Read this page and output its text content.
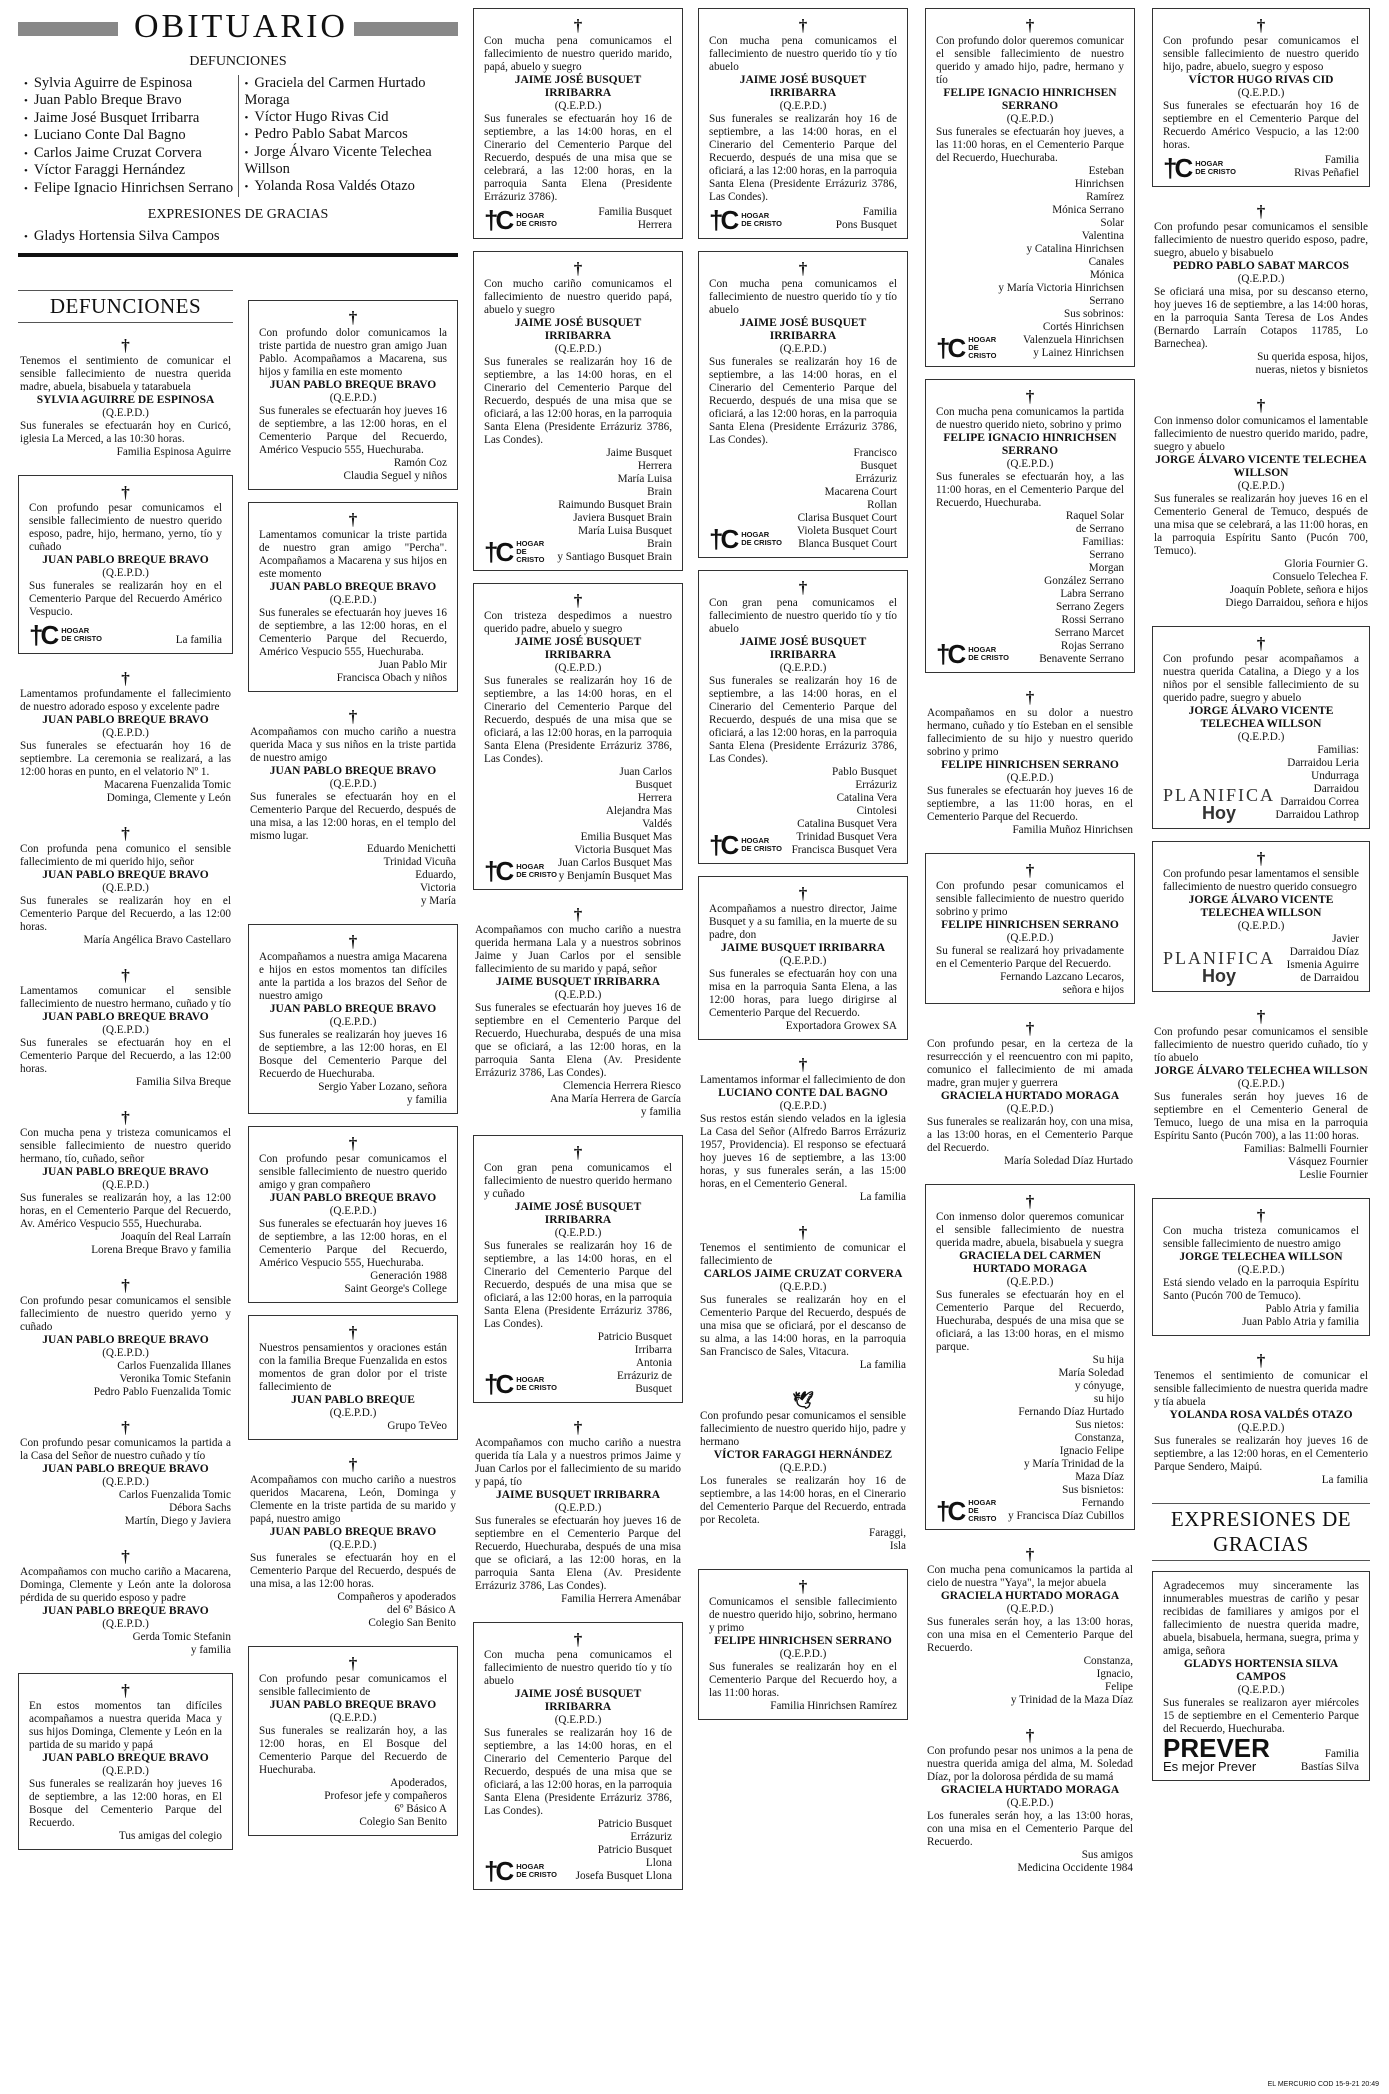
OBITUARIO
DEFUNCIONES
• Sylvia Aguirre de Espinosa
• Juan Pablo Breque Bravo
• Jaime José Busquet Irribarra
• Luciano Conte Dal Bagno
• Carlos Jaime Cruzat Corvera
• Víctor Faraggi Hernández
• Felipe Ignacio Hinrichsen Serrano
• Graciela del Carmen Hurtado Moraga
• Víctor Hugo Rivas Cid
• Pedro Pablo Sabat Marcos
• Jorge Álvaro Vicente Telechea Willson
• Yolanda Rosa Valdés Otazo
EXPRESIONES DE GRACIAS
• Gladys Hortensia Silva Campos
DEFUNCIONES
†
Tenemos el sentimiento de comunicar el sensible fallecimiento de nuestra querida madre, abuela, bisabuela y tatarabuela
SYLVIA AGUIRRE DE ESPINOSA
(Q.E.P.D.)
Sus funerales se efectuarán hoy en Curicó, iglesia La Merced, a las 10:30 horas.
Familia Espinosa Aguirre
†
Con profundo pesar comunicamos el sensible fallecimiento de nuestro querido esposo, padre, hijo, hermano, yerno, tío y cuñado
JUAN PABLO BREQUE BRAVO
(Q.E.P.D.)
Sus funerales se realizarán hoy en el Cementerio Parque del Recuerdo Américo Vespucio.
†C HOGAR
DE CRISTO	La familia
†
Lamentamos profundamente el fallecimiento de nuestro adorado esposo y excelente padre
JUAN PABLO BREQUE BRAVO
(Q.E.P.D.)
Sus funerales se efectuarán hoy 16 de septiembre. La ceremonia se realizará, a las 12:00 horas en punto, en el velatorio Nº 1.
Macarena Fuenzalida Tomic
Dominga, Clemente y León
†
Con profunda pena comunico el sensible fallecimiento de mi querido hijo, señor
JUAN PABLO BREQUE BRAVO
(Q.E.P.D.)
Sus funerales se realizarán hoy en el Cementerio Parque del Recuerdo, a las 12:00 horas.
María Angélica Bravo Castellaro
†
Lamentamos comunicar el sensible fallecimiento de nuestro hermano, cuñado y tío
JUAN PABLO BREQUE BRAVO
(Q.E.P.D.)
Sus funerales se efectuarán hoy en el Cementerio Parque del Recuerdo, a las 12:00 horas.
Familia Silva Breque
†
Con mucha pena y tristeza comunicamos el sensible fallecimiento de nuestro querido hermano, tío, cuñado, señor
JUAN PABLO BREQUE BRAVO
(Q.E.P.D.)
Sus funerales se realizarán hoy, a las 12:00 horas, en el Cementerio Parque del Recuerdo, Av. Américo Vespucio 555, Huechuraba.
Joaquín del Real Larraín
Lorena Breque Bravo y familia
†
Con profundo pesar comunicamos el sensible fallecimiento de nuestro querido yerno y cuñado
JUAN PABLO BREQUE BRAVO
(Q.E.P.D.)
Carlos Fuenzalida Illanes
Veronika Tomic Stefanin
Pedro Pablo Fuenzalida Tomic
†
Con profundo pesar comunicamos la partida a la Casa del Señor de nuestro cuñado y tío
JUAN PABLO BREQUE BRAVO
(Q.E.P.D.)
Carlos Fuenzalida Tomic
Débora Sachs
Martín, Diego y Javiera
†
Acompañamos con mucho cariño a Macarena, Dominga, Clemente y León ante la dolorosa pérdida de su querido esposo y padre
JUAN PABLO BREQUE BRAVO
(Q.E.P.D.)
Gerda Tomic Stefanin
y familia
†
En estos momentos tan difíciles acompañamos a nuestra querida Maca y sus hijos Dominga, Clemente y León en la partida de su marido y papá
JUAN PABLO BREQUE BRAVO
(Q.E.P.D.)
Sus funerales se realizarán hoy jueves 16 de septiembre, a las 12:00 horas, en El Bosque del Cementerio Parque del Recuerdo.
Tus amigas del colegio
†
Con profundo dolor comunicamos la triste partida de nuestro gran amigo Juan Pablo. Acompañamos a Macarena, sus hijos y familia en este momento
JUAN PABLO BREQUE BRAVO
(Q.E.P.D.)
Sus funerales se efectuarán hoy jueves 16 de septiembre, a las 12:00 horas, en el Cementerio Parque del Recuerdo, Américo Vespucio 555, Huechuraba.
Ramón Coz
Claudia Seguel y niños
†
Lamentamos comunicar la triste partida de nuestro gran amigo "Percha". Acompañamos a Macarena y sus hijos en este momento
JUAN PABLO BREQUE BRAVO
(Q.E.P.D.)
Sus funerales se efectuarán hoy jueves 16 de septiembre, a las 12:00 horas, en el Cementerio Parque del Recuerdo, Américo Vespucio 555, Huechuraba.
Juan Pablo Mir
Francisca Obach y niños
†
Acompañamos con mucho cariño a nuestra querida Maca y sus niños en la triste partida de nuestro amigo
JUAN PABLO BREQUE BRAVO
(Q.E.P.D.)
Sus funerales se efectuarán hoy en el Cementerio Parque del Recuerdo, después de una misa, a las 12:00 horas, en el templo del mismo lugar.
Eduardo Menichetti
Trinidad Vicuña
Eduardo,
Victoria
y María
†
Acompañamos a nuestra amiga Macarena e hijos en estos momentos tan difíciles ante la partida a los brazos del Señor de nuestro amigo
JUAN PABLO BREQUE BRAVO
(Q.E.P.D.)
Sus funerales se realizarán hoy jueves 16 de septiembre, a las 12:00 horas, en El Bosque del Cementerio Parque del Recuerdo de Huechuraba.
Sergio Yaber Lozano, señora
y familia
†
Con profundo pesar comunicamos el sensible fallecimiento de nuestro querido amigo y gran compañero
JUAN PABLO BREQUE BRAVO
(Q.E.P.D.)
Sus funerales se efectuarán hoy jueves 16 de septiembre, a las 12:00 horas, en el Cementerio Parque del Recuerdo, Américo Vespucio 555, Huechuraba.
Generación 1988
Saint George's College
†
Nuestros pensamientos y oraciones están con la familia Breque Fuenzalida en estos momentos de gran dolor por el triste fallecimiento de
JUAN PABLO BREQUE
(Q.E.P.D.)
Grupo TeVeo
†
Acompañamos con mucho cariño a nuestros queridos Macarena, León, Dominga y Clemente en la triste partida de su marido y papá, nuestro amigo
JUAN PABLO BREQUE BRAVO
(Q.E.P.D.)
Sus funerales se efectuarán hoy en el Cementerio Parque del Recuerdo, después de una misa, a las 12:00 horas.
Compañeros y apoderados
del 6º Básico A
Colegio San Benito
†
Con profundo pesar comunicamos el sensible fallecimiento de
JUAN PABLO BREQUE BRAVO
(Q.E.P.D.)
Sus funerales se realizarán hoy, a las 12:00 horas, en El Bosque del Cementerio Parque del Recuerdo de Huechuraba.
Apoderados,
Profesor jefe y compañeros
6º Básico A
Colegio San Benito
†
Con mucha pena comunicamos el fallecimiento de nuestro querido marido, papá, abuelo y suegro
JAIME JOSÉ BUSQUET IRRIBARRA
(Q.E.P.D.)
Sus funerales se efectuarán hoy 16 de septiembre, a las 14:00 horas, en el Cinerario del Cementerio Parque del Recuerdo, después de una misa que se celebrará, a las 12:00 horas, en la parroquia Santa Elena (Presidente Errázuriz 3786).
†C HOGAR
DE CRISTO
Familia Busquet
Herrera
†
Con mucho cariño comunicamos el fallecimiento de nuestro querido papá, abuelo y suegro
JAIME JOSÉ BUSQUET IRRIBARRA
(Q.E.P.D.)
Sus funerales se realizarán hoy 16 de septiembre, a las 14:00 horas, en el Cinerario del Cementerio Parque del Recuerdo, después de una misa que se oficiará, a las 12:00 horas, en la parroquia Santa Elena (Presidente Errázuriz 3786, Las Condes).
†C HOGAR
DE CRISTO
Jaime Busquet
Herrera
María Luisa
Brain
Raimundo Busquet Brain
Javiera Busquet Brain
María Luisa Busquet Brain
y Santiago Busquet Brain
†
Con tristeza despedimos a nuestro querido padre, abuelo y suegro
JAIME JOSÉ BUSQUET IRRIBARRA
(Q.E.P.D.)
Sus funerales se realizarán hoy 16 de septiembre, a las 14:00 horas, en el Cinerario del Cementerio Parque del Recuerdo, después de una misa que se oficiará, a las 12:00 horas, en la parroquia Santa Elena (Presidente Errázuriz 3786, Las Condes).
†C HOGAR
DE CRISTO
Juan Carlos
Busquet
Herrera
Alejandra Mas
Valdés
Emilia Busquet Mas
Victoria Busquet Mas
Juan Carlos Busquet Mas
y Benjamín Busquet Mas
†
Acompañamos con mucho cariño a nuestra querida hermana Lala y a nuestros sobrinos Jaime y Juan Carlos por el sensible fallecimiento de su marido y papá, señor
JAIME BUSQUET IRRIBARRA
(Q.E.P.D.)
Sus funerales se efectuarán hoy jueves 16 de septiembre en el Cementerio Parque del Recuerdo, Huechuraba, después de una misa que se oficiará, a las 12:00 horas, en la parroquia Santa Elena (Av. Presidente Errázuriz 3786, Las Condes).
Clemencia Herrera Riesco
Ana María Herrera de García
y familia
†
Con gran pena comunicamos el fallecimiento de nuestro querido hermano y cuñado
JAIME JOSÉ BUSQUET IRRIBARRA
(Q.E.P.D.)
Sus funerales se realizarán hoy 16 de septiembre, a las 14:00 horas, en el Cinerario del Cementerio Parque del Recuerdo, después de una misa que se oficiará, a las 12:00 horas, en la parroquia Santa Elena (Presidente Errázuriz 3786, Las Condes).
†C HOGAR
DE CRISTO
Patricio Busquet
Irribarra
Antonia
Errázuriz de
Busquet
†
Acompañamos con mucho cariño a nuestra querida tía Lala y a nuestros primos Jaime y Juan Carlos por el fallecimiento de su marido y papá, tío
JAIME BUSQUET IRRIBARRA
(Q.E.P.D.)
Sus funerales se efectuarán hoy jueves 16 de septiembre en el Cementerio Parque del Recuerdo, Huechuraba, después de una misa que se oficiará, a las 12:00 horas, en la parroquia Santa Elena (Av. Presidente Errázuriz 3786, Las Condes).
Familia Herrera Amenábar
†
Con mucha pena comunicamos el fallecimiento de nuestro querido tío y tío abuelo
JAIME JOSÉ BUSQUET IRRIBARRA
(Q.E.P.D.)
Sus funerales se realizarán hoy 16 de septiembre, a las 14:00 horas, en el Cinerario del Cementerio Parque del Recuerdo, después de una misa que se oficiará, a las 12:00 horas, en la parroquia Santa Elena (Presidente Errázuriz 3786, Las Condes).
†C HOGAR
DE CRISTO
Patricio Busquet
Errázuriz
Patricio Busquet
Llona
Josefa Busquet Llona
†
Con mucha pena comunicamos el fallecimiento de nuestro querido tío y tío abuelo
JAIME JOSÉ BUSQUET IRRIBARRA
(Q.E.P.D.)
Sus funerales se realizarán hoy 16 de septiembre, a las 14:00 horas, en el Cinerario del Cementerio Parque del Recuerdo, después de una misa que se oficiará, a las 12:00 horas, en la parroquia Santa Elena (Presidente Errázuriz 3786, Las Condes).
†C HOGAR
DE CRISTO
Familia
Pons Busquet
†
Con mucha pena comunicamos el fallecimiento de nuestro querido tío y tío abuelo
JAIME JOSÉ BUSQUET IRRIBARRA
(Q.E.P.D.)
Sus funerales se realizarán hoy 16 de septiembre, a las 14:00 horas, en el Cinerario del Cementerio Parque del Recuerdo, después de una misa que se oficiará, a las 12:00 horas, en la parroquia Santa Elena (Presidente Errázuriz 3786, Las Condes).
†C HOGAR
DE CRISTO
Francisco
Busquet
Errázuriz
Macarena Court
Rollan
Clarisa Busquet Court
Violeta Busquet Court
Blanca Busquet Court
†
Con gran pena comunicamos el fallecimiento de nuestro querido tío y tío abuelo
JAIME JOSÉ BUSQUET IRRIBARRA
(Q.E.P.D.)
Sus funerales se realizarán hoy 16 de septiembre, a las 14:00 horas, en el Cinerario del Cementerio Parque del Recuerdo, después de una misa que se oficiará, a las 12:00 horas, en la parroquia Santa Elena (Presidente Errázuriz 3786, Las Condes).
†C HOGAR
DE CRISTO
Pablo Busquet
Errázuriz
Catalina Vera
Cintolesi
Catalina Busquet Vera
Trinidad Busquet Vera
Francisca Busquet Vera
†
Acompañamos a nuestro director, Jaime Busquet y a su familia, en la muerte de su padre, don
JAIME BUSQUET IRRIBARRA
(Q.E.P.D.)
Sus funerales se efectuarán hoy con una misa en la parroquia Santa Elena, a las 12:00 horas, para luego dirigirse al Cementerio Parque del Recuerdo.
Exportadora Growex SA
†
Lamentamos informar el fallecimiento de don
LUCIANO CONTE DAL BAGNO
(Q.E.P.D.)
Sus restos están siendo velados en la iglesia La Casa del Señor (Alfredo Barros Errázuriz 1957, Providencia). El responso se efectuará hoy jueves 16 de septiembre, a las 13:00 horas, y sus funerales serán, a las 15:00 horas, en el Cementerio General.
La familia
†
Tenemos el sentimiento de comunicar el fallecimiento de
CARLOS JAIME CRUZAT CORVERA
(Q.E.P.D.)
Sus funerales se realizarán hoy en el Cementerio Parque del Recuerdo, después de una misa que se oficiará, por el descanso de su alma, a las 14:00 horas, en la parroquia San Francisco de Sales, Vitacura.
La familia
🕊
Con profundo pesar comunicamos el sensible fallecimiento de nuestro querido hijo, padre y hermano
VÍCTOR FARAGGI HERNÁNDEZ
(Q.E.P.D.)
Los funerales se realizarán hoy 16 de septiembre, a las 14:00 horas, en el Cinerario del Cementerio Parque del Recuerdo, entrada por Recoleta.
Faraggi,
Isla
†
Comunicamos el sensible fallecimiento de nuestro querido hijo, sobrino, hermano y primo
FELIPE HINRICHSEN SERRANO
(Q.E.P.D.)
Sus funerales se realizarán hoy en el Cementerio Parque del Recuerdo hoy, a las 11:00 horas.
Familia Hinrichsen Ramírez
†
Con profundo dolor queremos comunicar el sensible fallecimiento de nuestro querido y amado hijo, padre, hermano y tío
FELIPE IGNACIO HINRICHSEN SERRANO
(Q.E.P.D.)
Sus funerales se efectuarán hoy jueves, a las 11:00 horas, en el Cementerio Parque del Recuerdo, Huechuraba.
†C HOGAR
DE CRISTO
Esteban
Hinrichsen
Ramírez
Mónica Serrano
Solar
Valentina
y Catalina Hinrichsen Canales
Mónica
y María Victoria Hinrichsen Serrano
Sus sobrinos:
Cortés Hinrichsen
Valenzuela Hinrichsen
y Lainez Hinrichsen
†
Con mucha pena comunicamos la partida de nuestro querido nieto, sobrino y primo
FELIPE IGNACIO HINRICHSEN SERRANO
(Q.E.P.D.)
Sus funerales se efectuarán hoy, a las 11:00 horas, en el Cementerio Parque del Recuerdo, Huechuraba.
†C HOGAR
DE CRISTO
Raquel Solar
de Serrano
Familias:
Serrano
Morgan
González Serrano
Labra Serrano
Serrano Zegers
Rossi Serrano
Serrano Marcet
Rojas Serrano
Benavente Serrano
†
Acompañamos en su dolor a nuestro hermano, cuñado y tío Esteban en el sensible fallecimiento de su hijo y nuestro querido sobrino y primo
FELIPE HINRICHSEN SERRANO
(Q.E.P.D.)
Sus funerales se efectuarán hoy jueves 16 de septiembre, a las 11:00 horas, en el Cementerio Parque del Recuerdo.
Familia Muñoz Hinrichsen
†
Con profundo pesar comunicamos el sensible fallecimiento de nuestro querido sobrino y primo
FELIPE HINRICHSEN SERRANO
(Q.E.P.D.)
Su funeral se realizará hoy privadamente en el Cementerio Parque del Recuerdo.
Fernando Lazcano Lecaros,
señora e hijos
†
Con profundo pesar, en la certeza de la resurrección y el reencuentro con mi papito, comunico el fallecimiento de mi amada madre, gran mujer y guerrera
GRACIELA HURTADO MORAGA
(Q.E.P.D.)
Sus funerales se realizarán hoy, con una misa, a las 13:00 horas, en el Cementerio Parque del Recuerdo.
María Soledad Díaz Hurtado
†
Con inmenso dolor queremos comunicar el sensible fallecimiento de nuestra querida madre, abuela, bisabuela y suegra
GRACIELA DEL CARMEN HURTADO MORAGA
(Q.E.P.D.)
Sus funerales se efectuarán hoy en el Cementerio Parque del Recuerdo, Huechuraba, después de una misa que se oficiará, a las 13:00 horas, en el mismo parque.
†C HOGAR
DE CRISTO
Su hija
María Soledad
y cónyuge,
su hijo
Fernando Díaz Hurtado
Sus nietos:
Constanza,
Ignacio Felipe
y María Trinidad de la Maza Díaz
Sus bisnietos:
Fernando
y Francisca Díaz Cubillos
†
Con mucha pena comunicamos la partida al cielo de nuestra "Yaya", la mejor abuela
GRACIELA HURTADO MORAGA
(Q.E.P.D.)
Sus funerales serán hoy, a las 13:00 horas, con una misa en el Cementerio Parque del Recuerdo.
Constanza,
Ignacio,
Felipe
y Trinidad de la Maza Díaz
†
Con profundo pesar nos unimos a la pena de nuestra querida amiga del alma, M. Soledad Díaz, por la dolorosa pérdida de su mamá
GRACIELA HURTADO MORAGA
(Q.E.P.D.)
Los funerales serán hoy, a las 13:00 horas, con una misa en el Cementerio Parque del Recuerdo.
Sus amigos
Medicina Occidente 1984
†
Con profundo pesar comunicamos el sensible fallecimiento de nuestro querido hijo, padre, abuelo, suegro y esposo
VÍCTOR HUGO RIVAS CID
(Q.E.P.D.)
Sus funerales se efectuarán hoy 16 de septiembre en el Cementerio Parque del Recuerdo Américo Vespucio, a las 12:00 horas.
†C HOGAR
DE CRISTO
Familia
Rivas Peñafiel
†
Con profundo pesar comunicamos el sensible fallecimiento de nuestro querido esposo, padre, suegro, abuelo y bisabuelo
PEDRO PABLO SABAT MARCOS
(Q.E.P.D.)
Se oficiará una misa, por su descanso eterno, hoy jueves 16 de septiembre, a las 14:00 horas, en la parroquia Santa Teresa de Los Andes (Bernardo Larraín Cotapos 11785, Lo Barnechea).
Su querida esposa, hijos,
nueras, nietos y bisnietos
†
Con inmenso dolor comunicamos el lamentable fallecimiento de nuestro querido marido, padre, suegro y abuelo
JORGE ÁLVARO VICENTE TELECHEA WILLSON
(Q.E.P.D.)
Sus funerales se realizarán hoy jueves 16 en el Cementerio General de Temuco, después de una misa que se celebrará, a las 11:00 horas, en la parroquia Espíritu Santo (Pucón 700, Temuco).
Gloria Fournier G.
Consuelo Telechea F.
Joaquín Poblete, señora e hijos
Diego Darraidou, señora e hijos
†
Con profundo pesar acompañamos a nuestra querida Catalina, a Diego y a los niños por el sensible fallecimiento de su querido padre, suegro y abuelo
JORGE ÁLVARO VICENTE TELECHEA WILLSON
(Q.E.P.D.)
PLANIFICA
Hoy
Familias:
Darraidou Leria
Undurraga
Darraidou
Darraidou Correa
Darraidou Lathrop
†
Con profundo pesar lamentamos el sensible fallecimiento de nuestro querido consuegro
JORGE ÁLVARO VICENTE TELECHEA WILLSON
(Q.E.P.D.)
PLANIFICA
Hoy
Javier
Darraidou Díaz
Ismenia Aguirre
de Darraidou
†
Con profundo pesar comunicamos el sensible fallecimiento de nuestro querido cuñado, tío y tío abuelo
JORGE ÁLVARO TELECHEA WILLSON
(Q.E.P.D.)
Sus funerales serán hoy jueves 16 de septiembre en el Cementerio General de Temuco, luego de una misa en la parroquia Espíritu Santo (Pucón 700), a las 11:00 horas.
Familias: Balmelli Fournier
Vásquez Fournier
Leslie Fournier
†
Con mucha tristeza comunicamos el sensible fallecimiento de nuestro amigo
JORGE TELECHEA WILLSON
(Q.E.P.D.)
Está siendo velado en la parroquia Espíritu Santo (Pucón 700 de Temuco).
Pablo Atria y familia
Juan Pablo Atria y familia
†
Tenemos el sentimiento de comunicar el sensible fallecimiento de nuestra querida madre y tía abuela
YOLANDA ROSA VALDÉS OTAZO
(Q.E.P.D.)
Sus funerales se realizarán hoy jueves 16 de septiembre, a las 12:00 horas, en el Cementerio Parque Sendero, Maipú.
La familia
EXPRESIONES DE GRACIAS
Agradecemos muy sinceramente las innumerables muestras de cariño y pesar recibidas de familiares y amigos por el fallecimiento de nuestra querida madre, abuela, bisabuela, hermana, suegra, prima y amiga, señora
GLADYS HORTENSIA SILVA CAMPOS
(Q.E.P.D.)
Sus funerales se realizaron ayer miércoles 15 de septiembre en el Cementerio Parque del Recuerdo, Huechuraba.
PREVER
Es mejor Prever
Familia
Bastías Silva
EL MERCURIO COD 15-9-21 20:49
